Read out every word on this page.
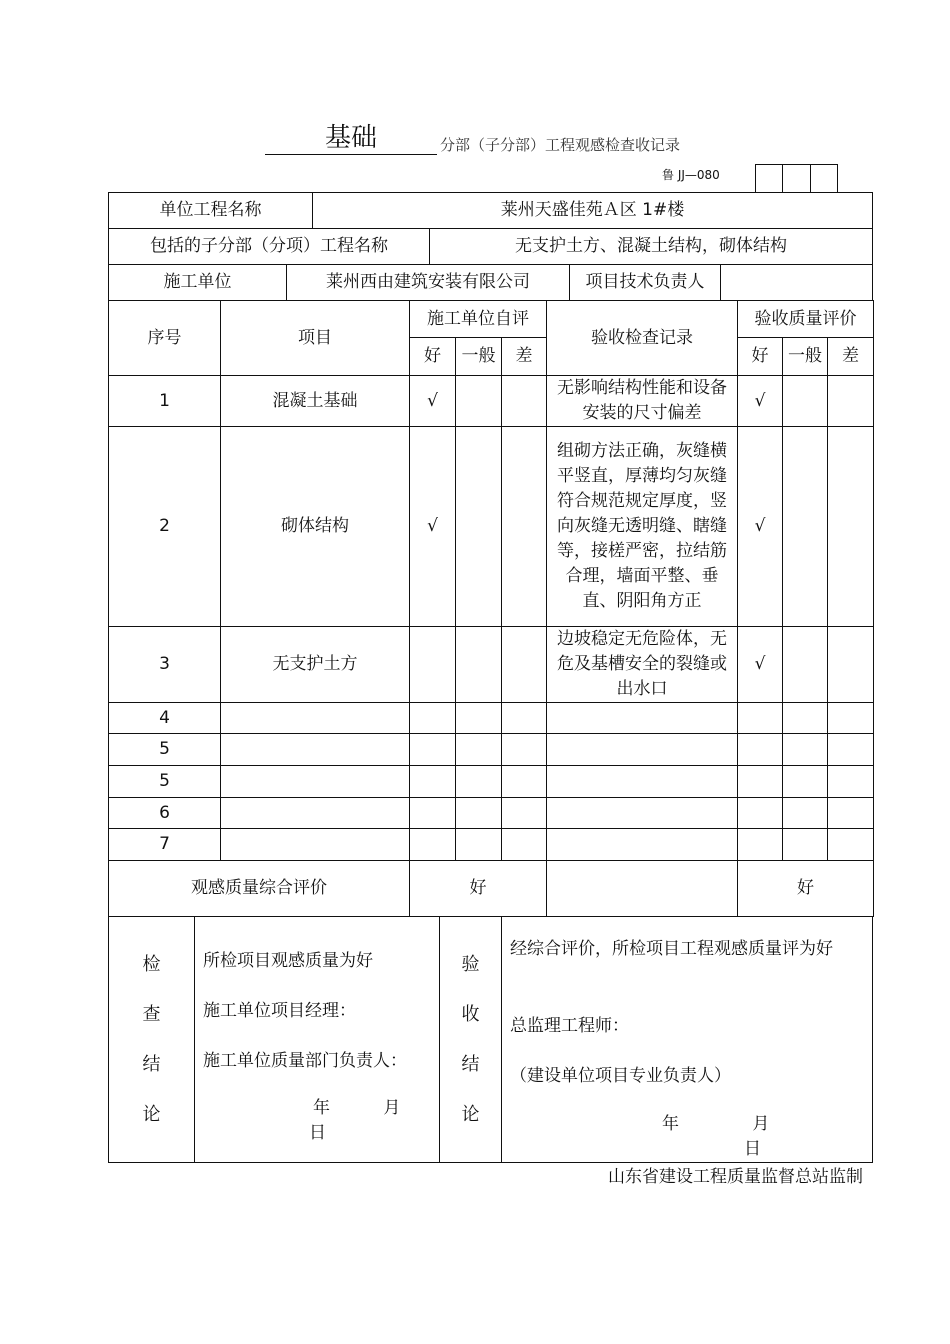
基础	分部（子分部）工程观感检查收记录
鲁 JJ—080
单位工程名称	莱州天盛佳苑Ａ区 1#楼
包括的子分部（分项）工程名称	无支护土方、混凝土结构，砌体结构
施工单位	莱州西由建筑安装有限公司	项目技术负责人	
序号	项目	施工单位自评			验收检查记录	验收质量评价		
		好	一般	差		好	一般	差
1	混凝土基础	√			无影响结构性能和设备安装的尺寸偏差	√		
2	砌体结构	√			组砌方法正确，灰缝横平竖直，厚薄均匀灰缝符合规范规定厚度，竖向灰缝无透明缝、瞎缝等，接槎严密，拉结筋合理，墙面平整、垂直、阴阳角方正	√		
3	无支护土方				边坡稳定无危险体，无危及基槽安全的裂缝或出水口	√		
4								
5								
5								
6								
7								
观感质量综合评价		好				好		
检
查
结
论

所检项目观感质量为好

施工单位项目经理：

施工单位质量部门负责人：

年	月

日

验
收
结
论

经综合评价，所检项目工程观感质量评为好

总监理工程师：

（建设单位项目专业负责人）

年	月 日

山东省建设工程质量监督总站监制
